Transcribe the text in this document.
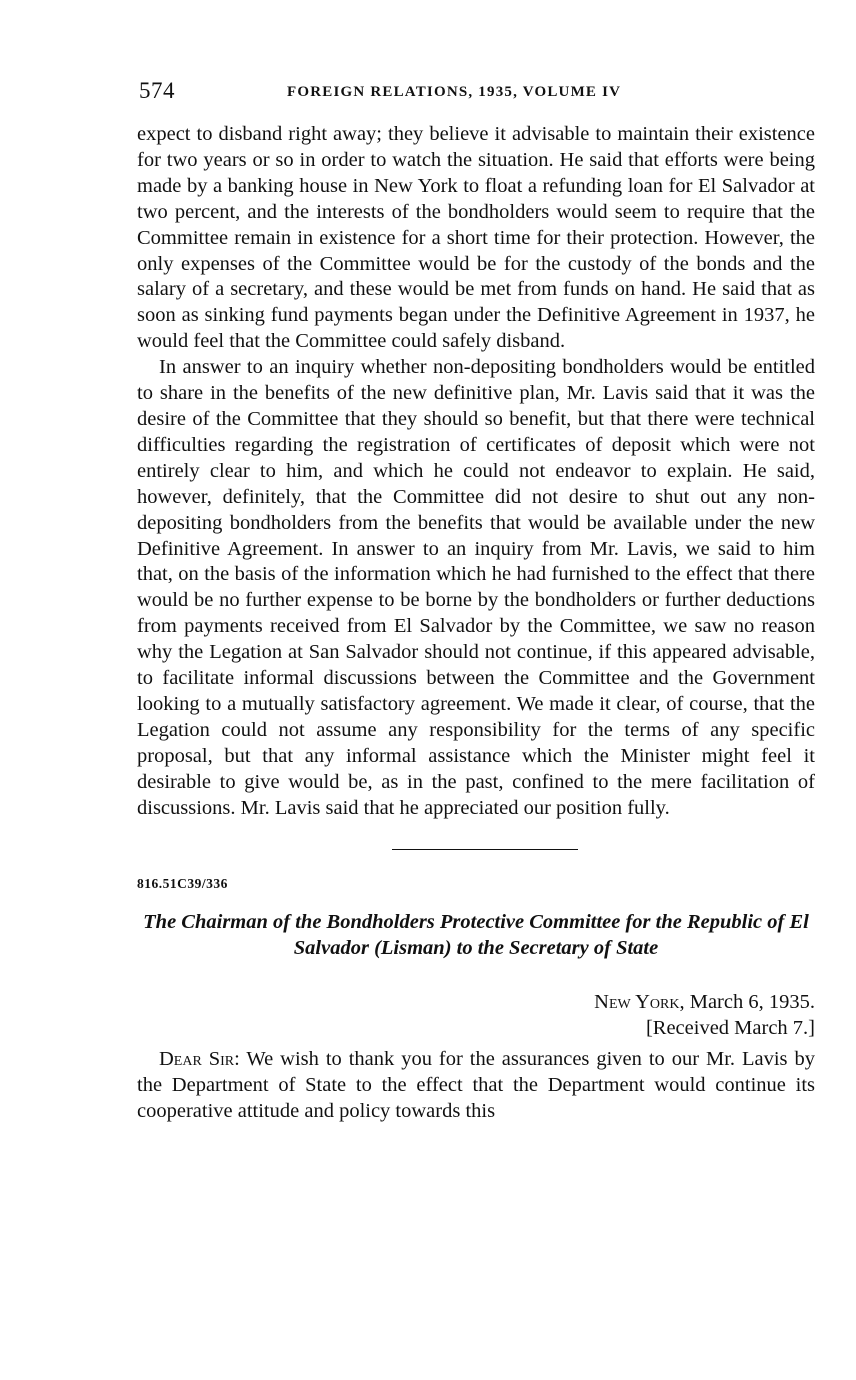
574	FOREIGN RELATIONS, 1935, VOLUME IV

expect to disband right away; they believe it advisable to maintain their existence for two years or so in order to watch the situation. He said that efforts were being made by a banking house in New York to float a refunding loan for El Salvador at two percent, and the interests of the bondholders would seem to require that the Committee remain in existence for a short time for their protection. However, the only expenses of the Committee would be for the custody of the bonds and the salary of a secretary, and these would be met from funds on hand. He said that as soon as sinking fund payments began under the Definitive Agreement in 1937, he would feel that the Committee could safely disband.

In answer to an inquiry whether non-depositing bondholders would be entitled to share in the benefits of the new definitive plan, Mr. Lavis said that it was the desire of the Committee that they should so benefit, but that there were technical difficulties regarding the registration of certificates of deposit which were not entirely clear to him, and which he could not endeavor to explain. He said, however, definitely, that the Committee did not desire to shut out any non-depositing bondholders from the benefits that would be available under the new Definitive Agreement. In answer to an inquiry from Mr. Lavis, we said to him that, on the basis of the information which he had furnished to the effect that there would be no further expense to be borne by the bondholders or further deductions from payments received from El Salvador by the Committee, we saw no reason why the Legation at San Salvador should not continue, if this appeared advisable, to facilitate informal discussions between the Committee and the Government looking to a mutually satisfactory agreement. We made it clear, of course, that the Legation could not assume any responsibility for the terms of any specific proposal, but that any informal assistance which the Minister might feel it desirable to give would be, as in the past, confined to the mere facilitation of discussions. Mr. Lavis said that he appreciated our position fully.

816.51C39/336
The Chairman of the Bondholders Protective Committee for the Republic of El Salvador (Lisman) to the Secretary of State
New York, March 6, 1935.
[Received March 7.]
Dear Sir: We wish to thank you for the assurances given to our Mr. Lavis by the Department of State to the effect that the Department would continue its cooperative attitude and policy towards this
